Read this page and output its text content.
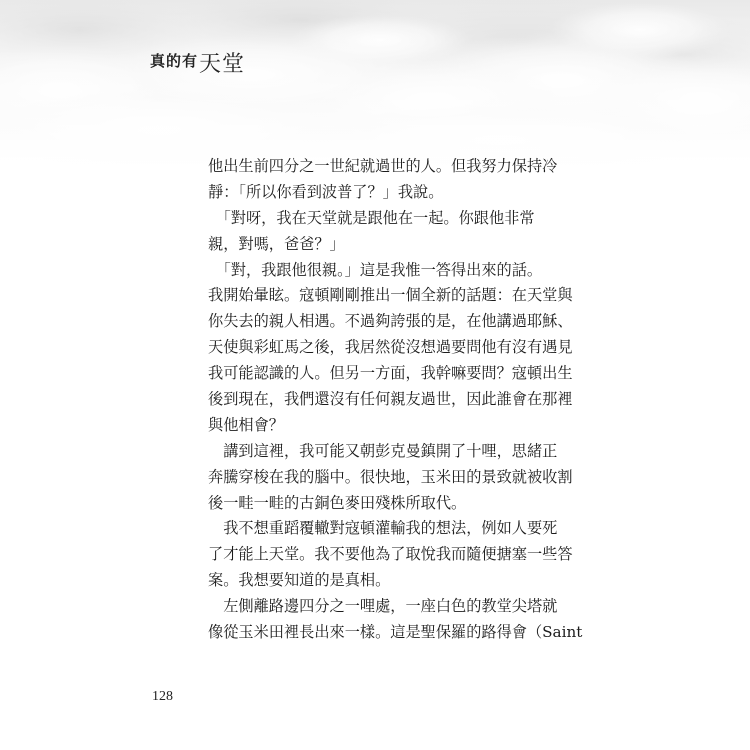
真的有 天堂
他出生前四分之一世紀就過世的人。但我努力保持冷
靜：「所以你看到波普了？」我說。
　「對呀，我在天堂就是跟他在一起。你跟他非常
親，對嗎，爸爸？」
　「對，我跟他很親。」這是我惟一答得出來的話。
我開始暈眩。寇頓剛剛推出一個全新的話題：在天堂與
你失去的親人相遇。不過夠誇張的是，在他講過耶穌、
天使與彩虹馬之後，我居然從沒想過要問他有沒有遇見
我可能認識的人。但另一方面，我幹嘛要問？寇頓出生
後到現在，我們還沒有任何親友過世，因此誰會在那裡
與他相會？
　講到這裡，我可能又朝彭克曼鎮開了十哩，思緒正
奔騰穿梭在我的腦中。很快地，玉米田的景致就被收割
後一畦一畦的古銅色麥田殘株所取代。
　我不想重蹈覆轍對寇頓灌輸我的想法，例如人要死
了才能上天堂。我不要他為了取悅我而隨便搪塞一些答
案。我想要知道的是真相。
　左側離路邊四分之一哩處，一座白色的教堂尖塔就
像從玉米田裡長出來一樣。這是聖保羅的路得會（Saint
128
